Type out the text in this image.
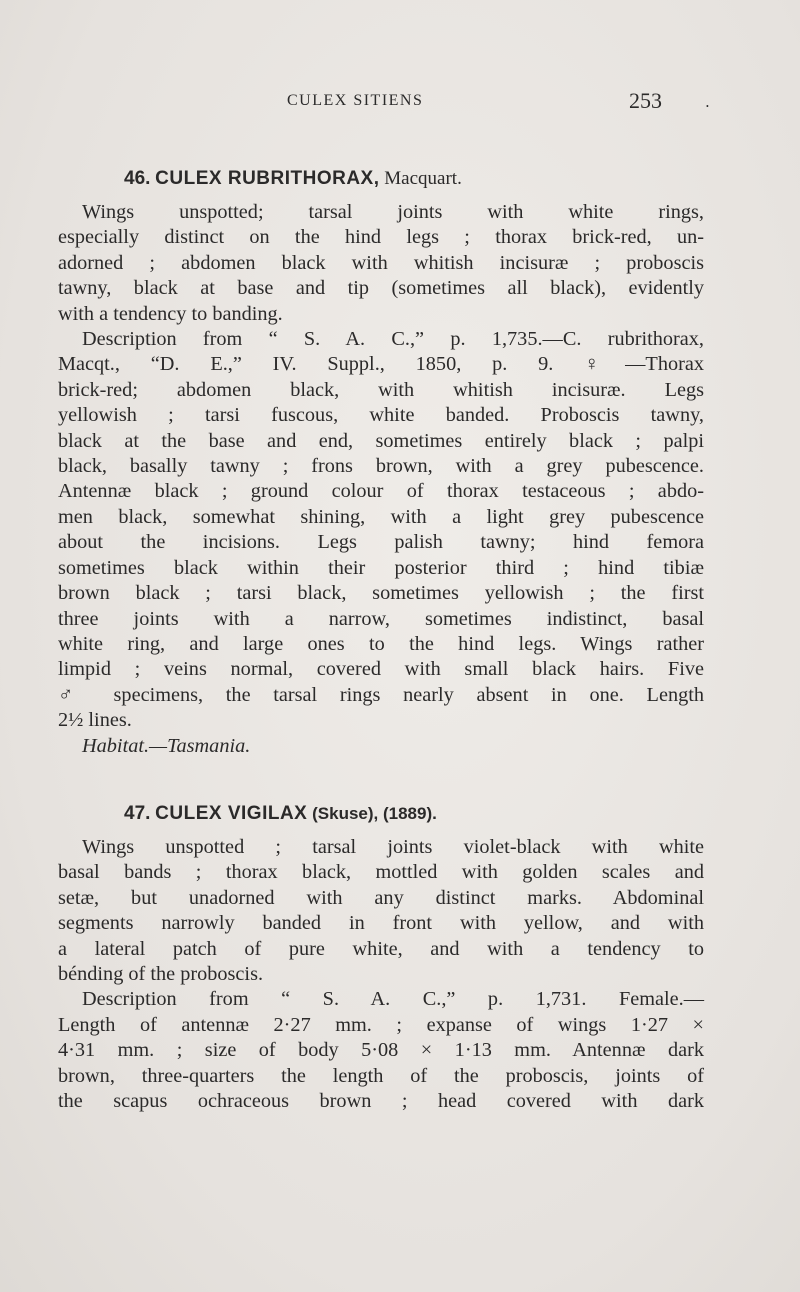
CULEX SITIENS	253	•
46. CULEX RUBRITHORAX, Macquart.

Wings unspotted; tarsal joints with white rings,

especially distinct on the hind legs ; thorax brick-red, un-

adorned ; abdomen black with whitish incisuræ ; proboscis

tawny, black at base and tip (sometimes all black), evidently

with a tendency to banding.

Description from “ S. A. C.,” p. 1,735.—C. rubrithorax,

Macqt., “D. E.,” IV. Suppl., 1850, p. 9. ♀—Thorax

brick-red; abdomen black, with whitish incisuræ. Legs

yellowish ; tarsi fuscous, white banded. Proboscis tawny,

black at the base and end, sometimes entirely black ; palpi

black, basally tawny ; frons brown, with a grey pubescence.

Antennæ black ; ground colour of thorax testaceous ; abdo-

men black, somewhat shining, with a light grey pubescence

about the incisions. Legs palish tawny; hind femora

sometimes black within their posterior third ; hind tibiæ

brown black ; tarsi black, sometimes yellowish ; the first

three joints with a narrow, sometimes indistinct, basal

white ring, and large ones to the hind legs. Wings rather

limpid ; veins normal, covered with small black hairs. Five

♂ specimens, the tarsal rings nearly absent in one. Length

2½ lines.

Habitat.—Tasmania.

47. CULEX VIGILAX (Skuse), (1889).

Wings unspotted ; tarsal joints violet-black with white

basal bands ; thorax black, mottled with golden scales and

setæ, but unadorned with any distinct marks. Abdominal

segments narrowly banded in front with yellow, and with

a lateral patch of pure white, and with a tendency to

bénding of the proboscis.

Description from “ S. A. C.,” p. 1,731. Female.—

Length of antennæ 2·27 mm. ; expanse of wings 1·27 ×

4·31 mm. ; size of body 5·08 × 1·13 mm. Antennæ dark

brown, three-quarters the length of the proboscis, joints of

the scapus ochraceous brown ; head covered with dark
